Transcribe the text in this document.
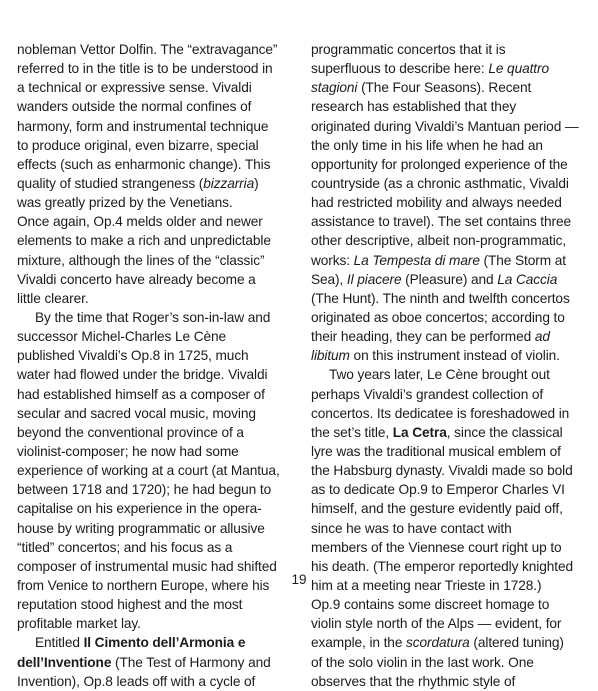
nobleman Vettor Dolfin. The “extravagance”
referred to in the title is to be understood in
a technical or expressive sense. Vivaldi
wanders outside the normal confines of
harmony, form and instrumental technique
to produce original, even bizarre, special
effects (such as enharmonic change). This
quality of studied strangeness (bizzarria)
was greatly prized by the Venetians.
Once again, Op.4 melds older and newer
elements to make a rich and unpredictable
mixture, although the lines of the “classic”
Vivaldi concerto have already become a
little clearer.
By the time that Roger’s son-in-law and
successor Michel-Charles Le Cène
published Vivaldi’s Op.8 in 1725, much
water had flowed under the bridge. Vivaldi
had established himself as a composer of
secular and sacred vocal music, moving
beyond the conventional province of a
violinist-composer; he now had some
experience of working at a court (at Mantua,
between 1718 and 1720); he had begun to
capitalise on his experience in the opera-
house by writing programmatic or allusive
“titled” concertos; and his focus as a
composer of instrumental music had shifted
from Venice to northern Europe, where his
reputation stood highest and the most
profitable market lay.
Entitled Il Cimento dell’Armonia e
dell’Inventione (The Test of Harmony and
Invention), Op.8 leads off with a cycle of
programmatic concertos that it is
superfluous to describe here: Le quattro
stagioni (The Four Seasons). Recent
research has established that they
originated during Vivaldi’s Mantuan period —
the only time in his life when he had an
opportunity for prolonged experience of the
countryside (as a chronic asthmatic, Vivaldi
had restricted mobility and always needed
assistance to travel). The set contains three
other descriptive, albeit non-programmatic,
works: La Tempesta di mare (The Storm at
Sea), Il piacere (Pleasure) and La Caccia
(The Hunt). The ninth and twelfth concertos
originated as oboe concertos; according to
their heading, they can be performed ad
libitum on this instrument instead of violin.
Two years later, Le Cène brought out
perhaps Vivaldi’s grandest collection of
concertos. Its dedicatee is foreshadowed in
the set’s title, La Cetra, since the classical
lyre was the traditional musical emblem of
the Habsburg dynasty. Vivaldi made so bold
as to dedicate Op.9 to Emperor Charles VI
himself, and the gesture evidently paid off,
since he was to have contact with
members of the Viennese court right up to
his death. (The emperor reportedly knighted
him at a meeting near Trieste in 1728.)
Op.9 contains some discreet homage to
violin style north of the Alps — evident, for
example, in the scordatura (altered tuning)
of the solo violin in the last work. One
observes that the rhythmic style of
19
